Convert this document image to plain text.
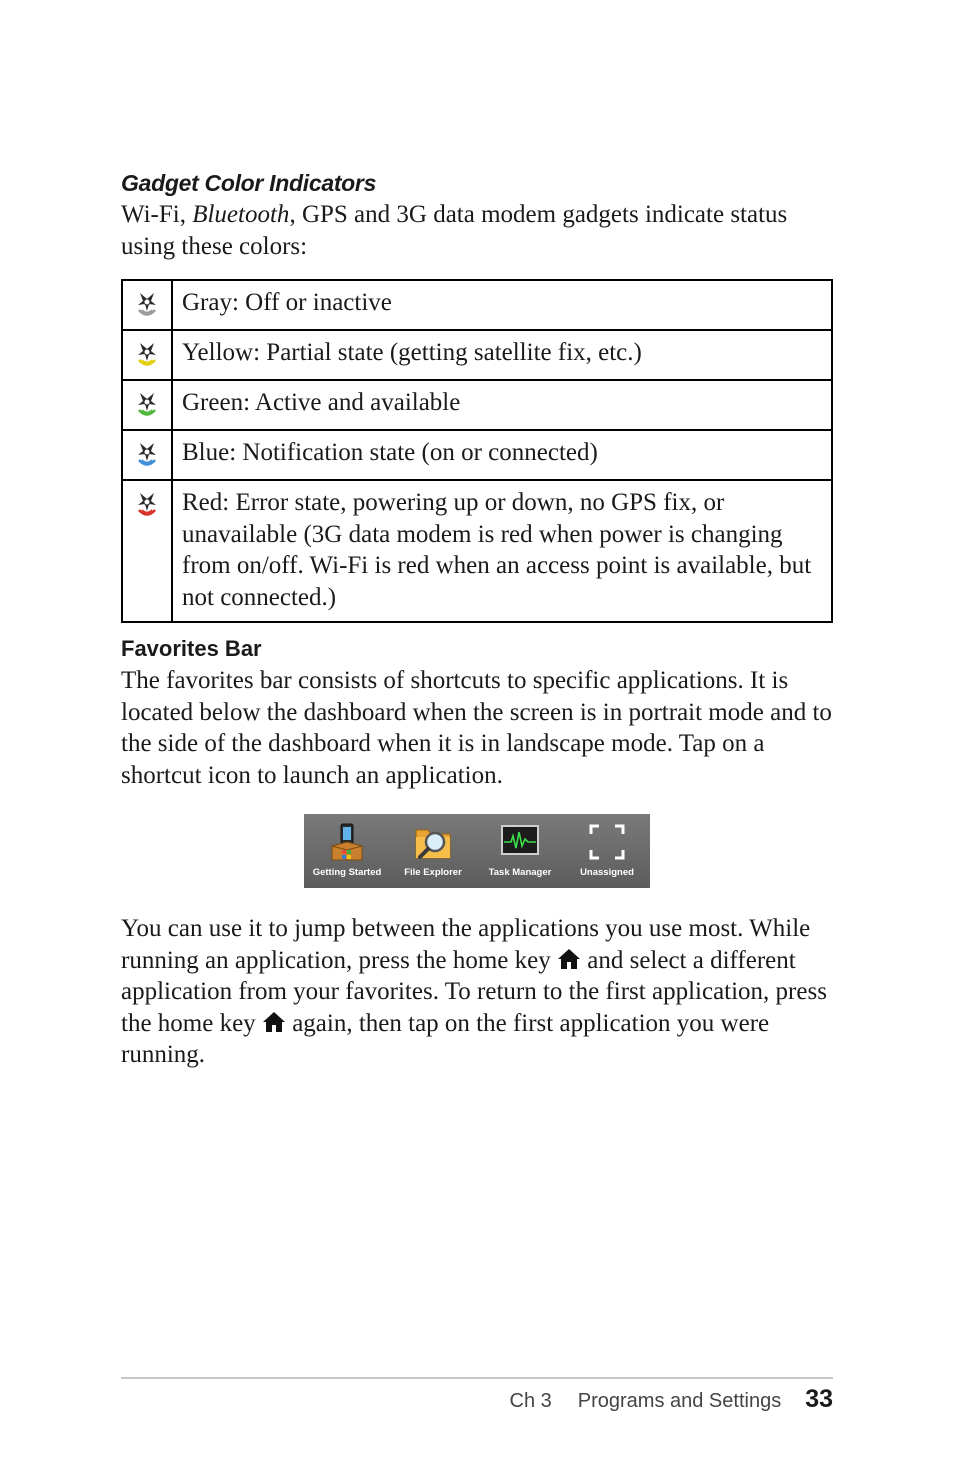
Gadget Color Indicators
Wi-Fi, Bluetooth, GPS and 3G data modem gadgets indicate status using these colors:
	Gray: Off or inactive
	Yellow: Partial state (getting satellite fix, etc.)
	Green: Active and available
	Blue: Notification state (on or connected)
	Red: Error state, powering up or down, no GPS fix, or unavailable (3G data modem is red when power is changing from on/off. Wi-Fi is red when an access point is available, but not connected.)
Favorites Bar
The favorites bar consists of shortcuts to specific applications. It is located below the dashboard when the screen is in portrait mode and to the side of the dashboard when it is in landscape mode. Tap on a shortcut icon to launch an application.
Getting Started	File Explorer	Task Manager	Unassigned
You can use it to jump between the applications you use most. While running an application, press the home key  and select a different application from your favorites. To return to the first application, press the home key  again, then tap on the first application you were running.
Ch 3 Programs and Settings 33
